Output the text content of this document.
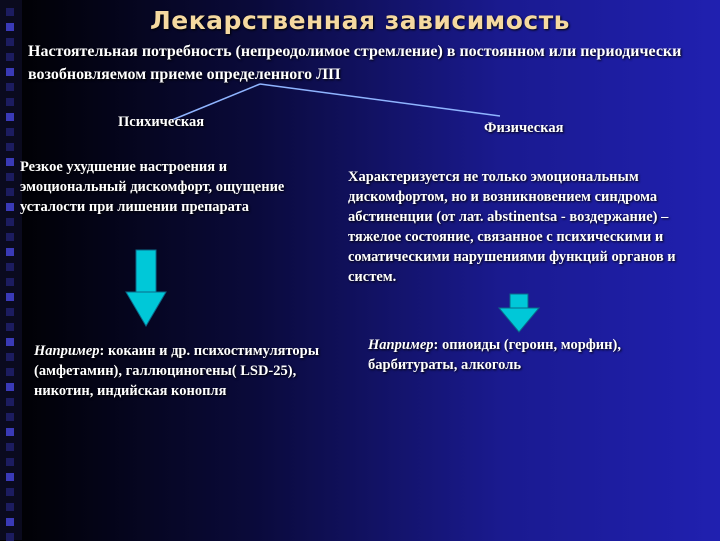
Лекарственная зависимость
Настоятельная потребность (непреодолимое стремление) в постоянном или периодически возобновляемом приеме определенного ЛП
Психическая	Физическая
Резкое ухудшение настроения и эмоциональный дискомфорт, ощущение усталости при лишении препарата
Характеризуется не только эмоциональным дискомфортом, но и возникновением синдрома абстиненции (от лат. abstinentsa - воздержание) – тяжелое состояние, связанное с психическими и соматическими нарушениями функций органов и систем.
Например: кокаин и др. психостимуляторы (амфетамин), галлюциногены( LSD-25), никотин, индийская конопля
Например: опиоиды (героин, морфин), барбитураты, алкоголь
